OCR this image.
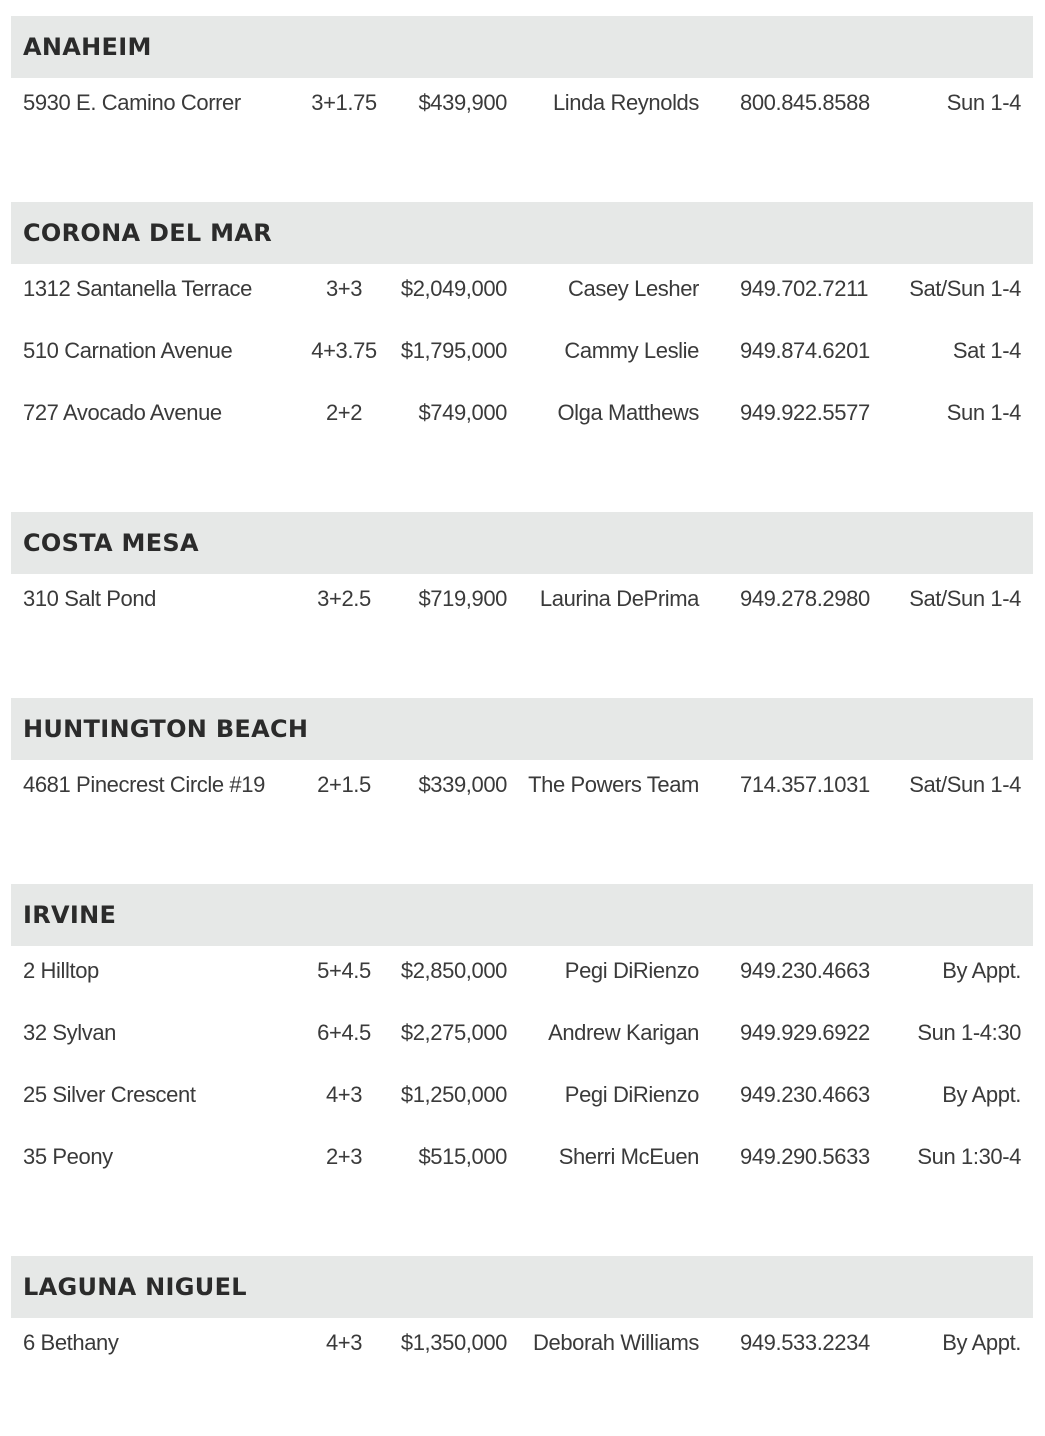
ANAHEIM
5930 E. Camino Correr	3+1.75 $439,900 Linda Reynolds 800.845.8588	Sun 1-4
CORONA DEL MAR
1312 Santanella Terrace	3+3	$2,049,000	Casey Lesher 949.702.7211 Sat/Sun 1-4
510 Carnation Avenue	4+3.75 $1,795,000	Cammy Leslie 949.874.6201	Sat 1-4
727 Avocado Avenue	2+2	$749,000 Olga Matthews 949.922.5577	Sun 1-4
COSTA MESA
310 Salt Pond	3+2.5	$719,900 Laurina DePrima 949.278.2980 Sat/Sun 1-4
HUNTINGTON BEACH
4681 Pinecrest Circle #19	2+1.5	$339,000 The Powers Team 714.357.1031 Sat/Sun 1-4
IRVINE
2 Hilltop	5+4.5	$2,850,000	Pegi DiRienzo 949.230.4663	By Appt.
32 Sylvan	6+4.5	$2,275,000 Andrew Karigan 949.929.6922 Sun 1-4:30
25 Silver Crescent	4+3	$1,250,000	Pegi DiRienzo 949.230.4663	By Appt.
35 Peony	2+3	$515,000 Sherri McEuen 949.290.5633 Sun 1:30-4
LAGUNA NIGUEL
6 Bethany	4+3	$1,350,000 Deborah Williams 949.533.2234	By Appt.
